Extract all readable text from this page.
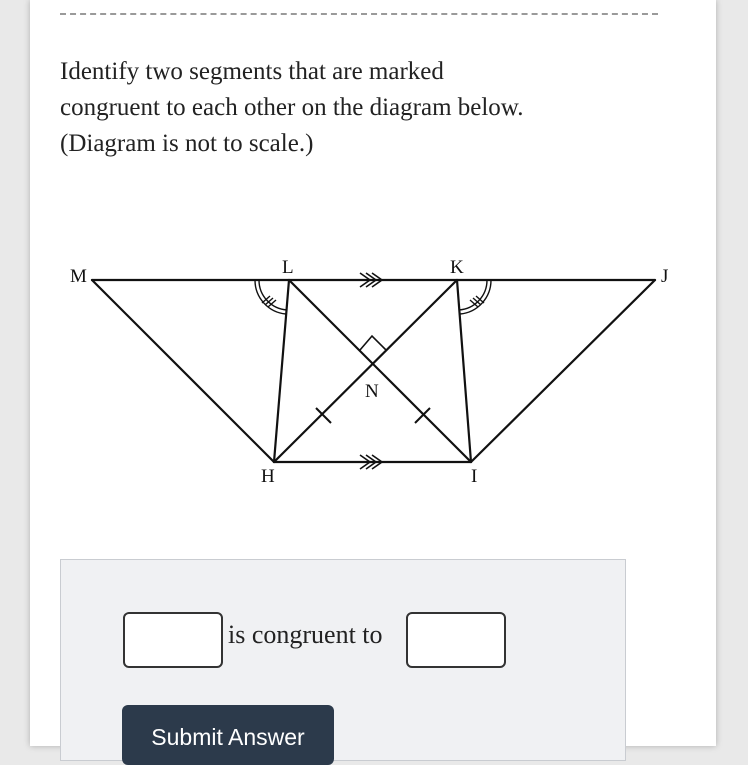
Identify two segments that are marked
congruent to each other on the diagram below.
(Diagram is not to scale.)
M	L	K	J
N
H	I
is congruent to
Submit Answer
